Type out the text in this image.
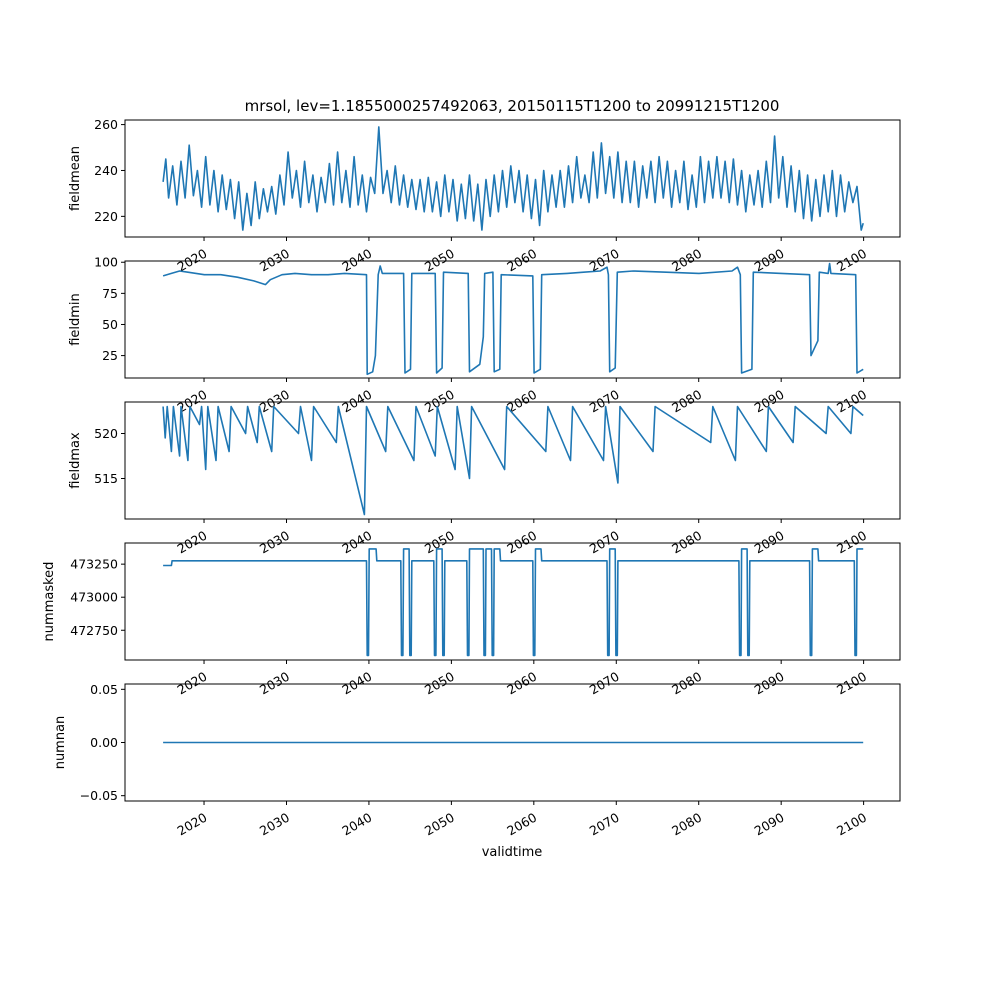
mrsol, lev=1.1855000257492063, 20150115T1200 to 20991215T1200
220
240
260
fieldmean
2020	2030	2040	2050	2060	2070	2080	2090	2100
25
50
75
100
fieldmin
2020	2030	2040	2050	2060	2070	2080	2090	2100
515
520
fieldmax
2020	2030	2040	2050	2060	2070	2080	2090	2100
472750
473000
473250
nummasked
2020	2030	2040	2050	2060	2070	2080	2090	2100
−0.05
0.00
0.05
numnan
2020	2030	2040	2050	2060	2070	2080	2090	2100
validtime
